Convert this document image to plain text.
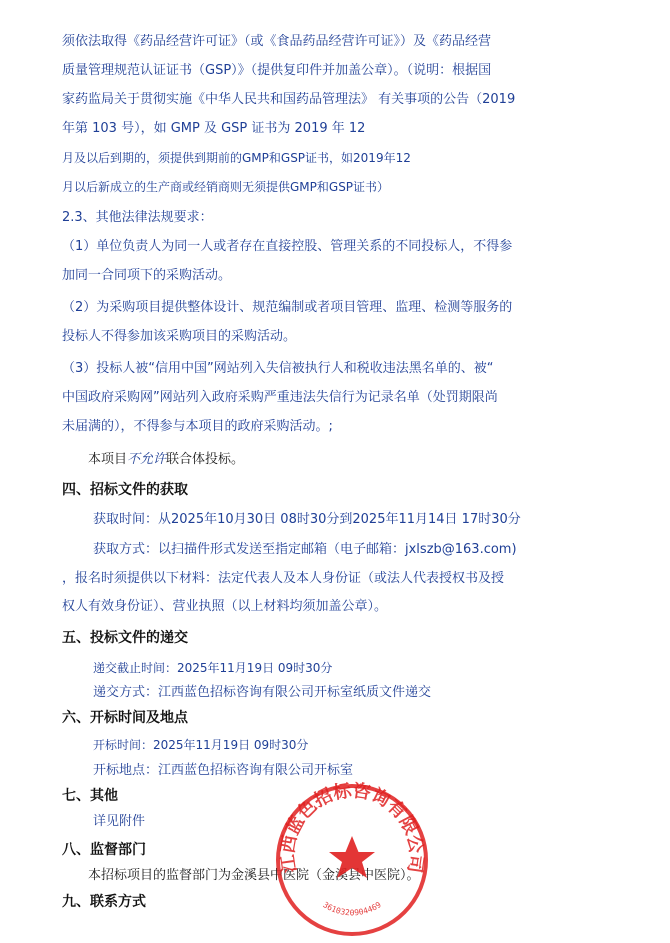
须依法取得《药品经营许可证》（或《食品药品经营许可证》）及《药品经营
质量管理规范认证证书（GSP）》（提供复印件并加盖公章）。（说明：根据国
家药监局关于贯彻实施《中华人民共和国药品管理法》 有关事项的公告（2019
年第 103 号），如 GMP 及 GSP 证书为 2019 年 12
月及以后到期的，须提供到期前的GMP和GSP证书，如2019年12
月以后新成立的生产商或经销商则无须提供GMP和GSP证书）
2.3、其他法律法规要求：
（1）单位负责人为同一人或者存在直接控股、管理关系的不同投标人，不得参
加同一合同项下的采购活动。
（2）为采购项目提供整体设计、规范编制或者项目管理、监理、检测等服务的
投标人不得参加该采购项目的采购活动。
（3）投标人被“信用中国”网站列入失信被执行人和税收违法黑名单的、被“
中国政府采购网”网站列入政府采购严重违法失信行为记录名单（处罚期限尚
未届满的），不得参与本项目的政府采购活动。;
本项目不允许联合体投标。
四、招标文件的获取
获取时间：从2025年10月30日 08时30分到2025年11月14日 17时30分
获取方式：以扫描件形式发送至指定邮箱（电子邮箱：jxlszb@163.com)
，报名时须提供以下材料：法定代表人及本人身份证（或法人代表授权书及授
权人有效身份证）、营业执照（以上材料均须加盖公章）。
五、投标文件的递交
递交截止时间：2025年11月19日 09时30分
递交方式：江西蓝色招标咨询有限公司开标室纸质文件递交
六、开标时间及地点
开标时间：2025年11月19日 09时30分
开标地点：江西蓝色招标咨询有限公司开标室
七、其他
详见附件
八、监督部门
本招标项目的监督部门为金溪县中医院（金溪县中医院）。
九、联系方式
江西蓝色招标咨询有限公司
3610320904469
